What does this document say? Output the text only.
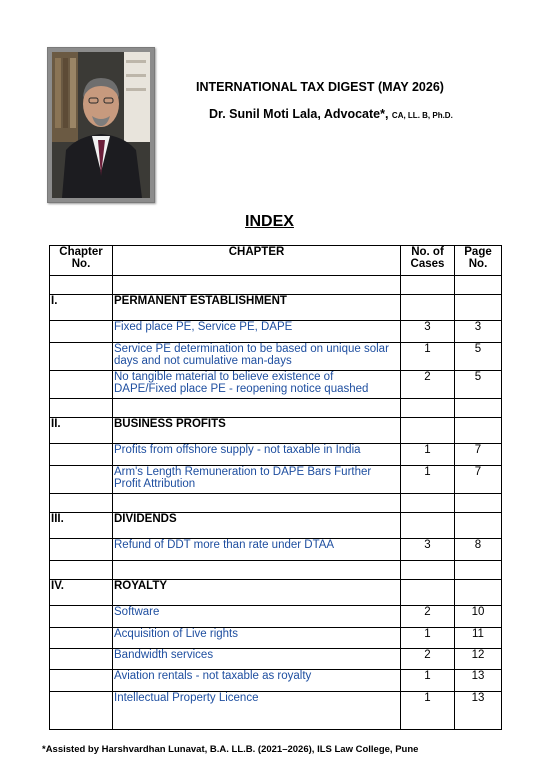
INTERNATIONAL TAX DIGEST (MAY 2026)
Dr. Sunil Moti Lala, Advocate*, CA, LL. B, Ph.D.
INDEX
Chapter No.	CHAPTER	No. of Cases	Page No.

I.	PERMANENT ESTABLISHMENT		
	Fixed place PE, Service PE, DAPE	3	3
	Service PE determination to be based on unique solar days and not cumulative man-days	1	5
	No tangible material to believe existence of DAPE/Fixed place PE - reopening notice quashed	2	5

II.	BUSINESS PROFITS		
	Profits from offshore supply - not taxable in India	1	7
	Arm's Length Remuneration to DAPE Bars Further Profit Attribution	1	7

III.	DIVIDENDS		
	Refund of DDT more than rate under DTAA	3	8

IV.	ROYALTY		
	Software	2	10
	Acquisition of Live rights	1	11
	Bandwidth services	2	12
	Aviation rentals - not taxable as royalty	1	13
	Intellectual Property Licence	1	13
*Assisted by Harshvardhan Lunavat, B.A. LL.B. (2021–2026), ILS Law College, Pune
